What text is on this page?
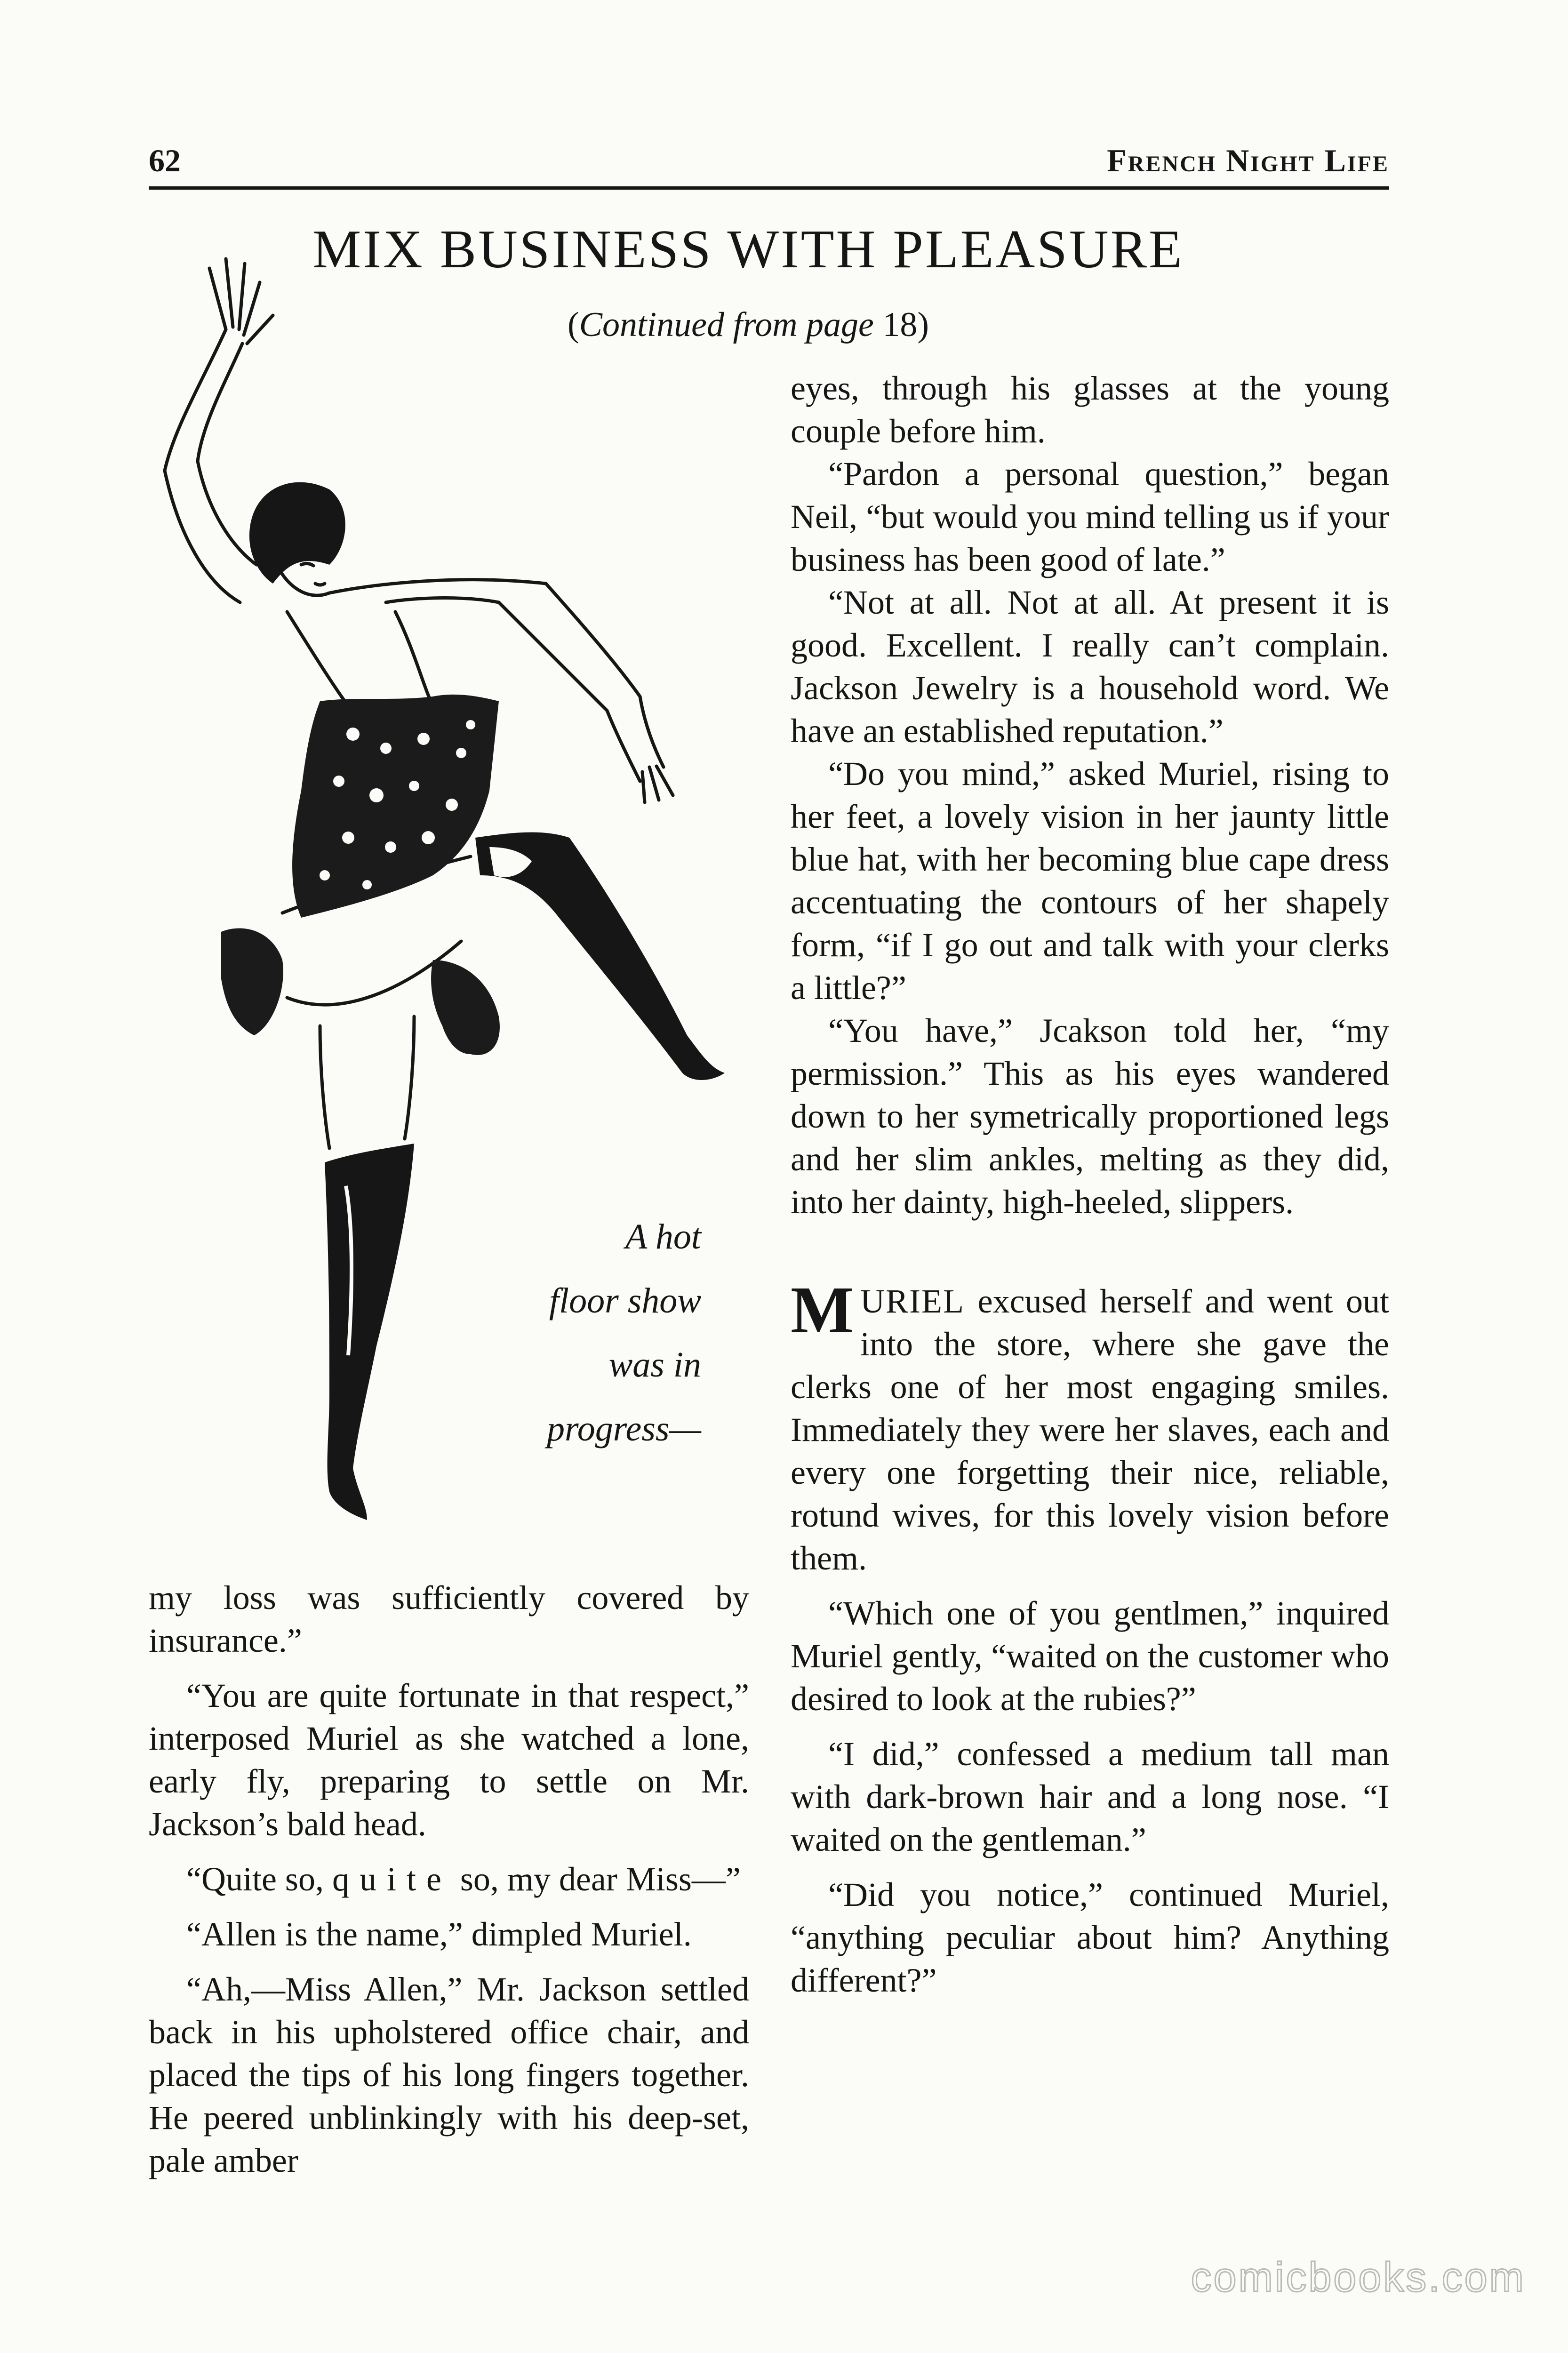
62	French Night Life
MIX BUSINESS WITH PLEASURE
(Continued from page 18)
A hot
floor show
was in
progress—

eyes, through his glasses at the young couple before him.

“Pardon a personal question,” began Neil, “but would you mind telling us if your business has been good of late.”

“Not at all. Not at all. At present it is good. Excellent. I really can’t complain. Jackson Jewelry is a household word. We have an established reputation.”

“Do you mind,” asked Muriel, rising to her feet, a lovely vision in her jaunty little blue hat, with her becoming blue cape dress accentuating the contours of her shapely form, “if I go out and talk with your clerks a little?”

“You have,” Jcakson told her, “my permission.” This as his eyes wandered down to her symetrically proportioned legs and her slim ankles, melting as they did, into her dainty, high-heeled, slippers.

MURIEL excused herself and went out into the store, where she gave the clerks one of her most engaging smiles. Immediately they were her slaves, each and every one forgetting their nice, reliable, rotund wives, for this lovely vision before them.

“Which one of you gentlmen,” inquired Muriel gently, “waited on the customer who desired to look at the rubies?”

“I did,” confessed a medium tall man with dark-brown hair and a long nose. “I waited on the gentleman.”

“Did you notice,” continued Muriel, “anything peculiar about him? Anything different?”

my loss was sufficiently covered by insurance.”

“You are quite fortunate in that respect,” interposed Muriel as she watched a lone, early fly, preparing to settle on Mr. Jackson’s bald head.

“Quite so, quite so, my dear Miss—”

“Allen is the name,” dimpled Muriel.

“Ah,—Miss Allen,” Mr. Jackson settled back in his upholstered office chair, and placed the tips of his long fingers together. He peered unblinkingly with his deep-set, pale amber

comicbooks.com
